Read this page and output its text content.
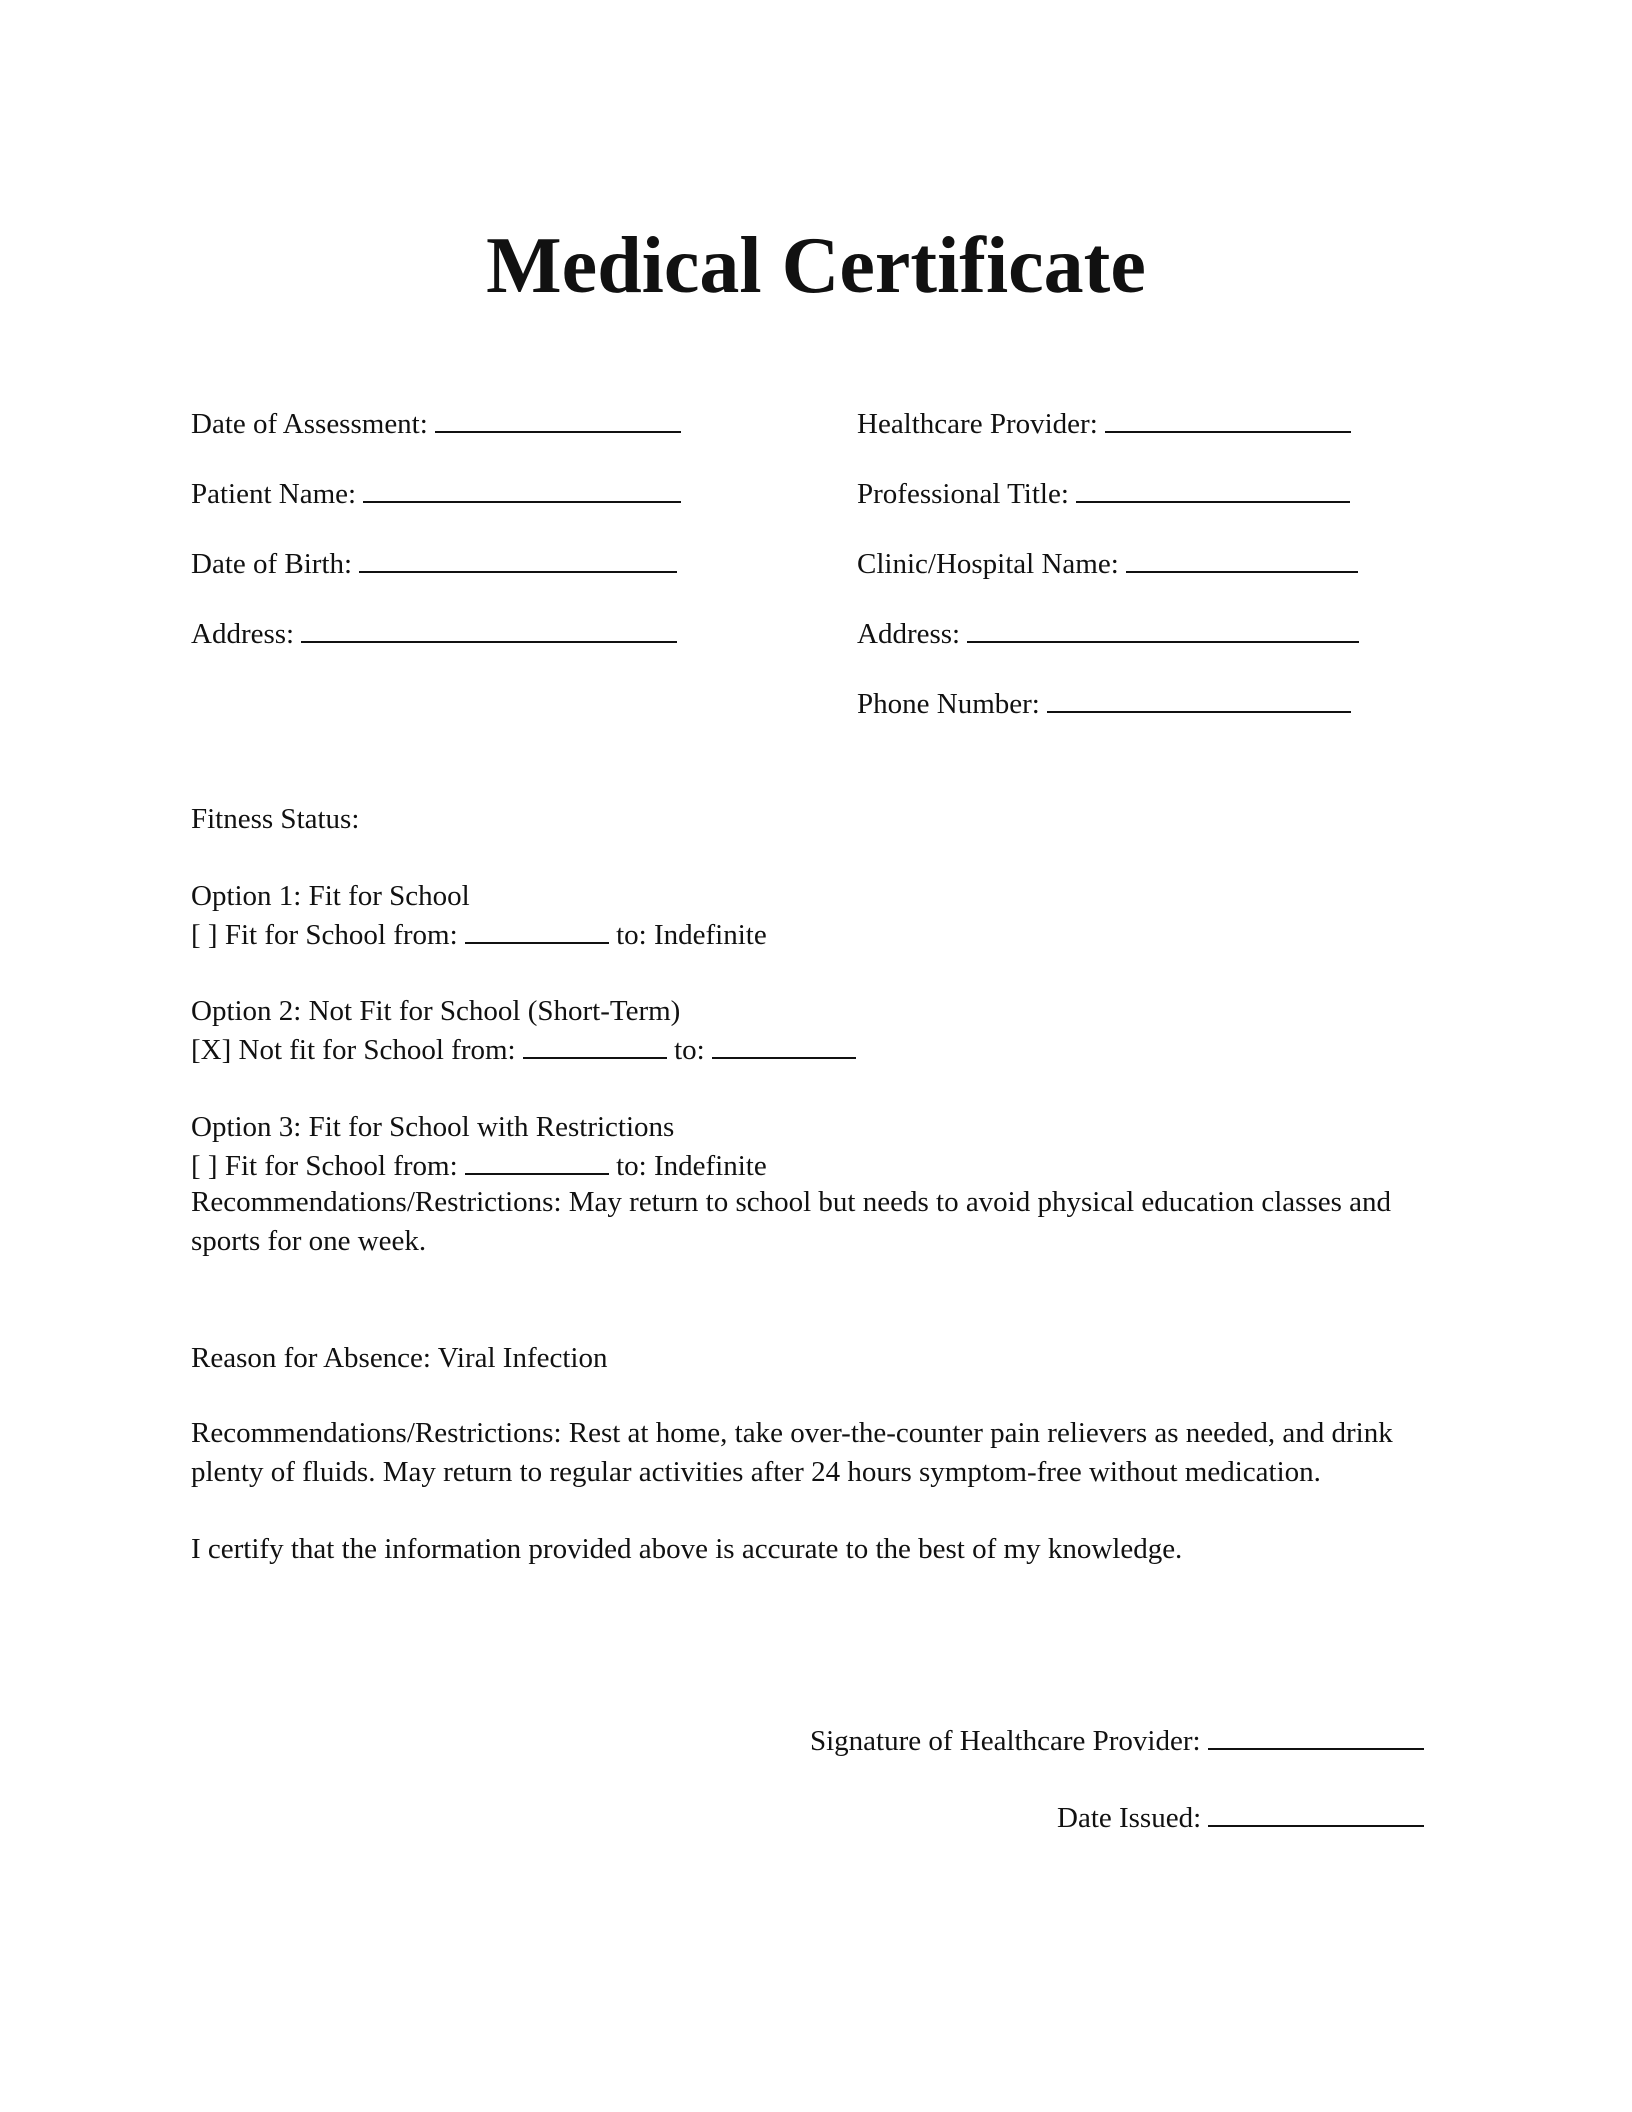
Medical Certificate
Date of Assessment:
Patient Name:
Date of Birth:
Address:
Healthcare Provider:
Professional Title:
Clinic/Hospital Name:
Address:
Phone Number:
Fitness Status:
Option 1: Fit for School
[ ] Fit for School from:	to: Indefinite
Option 2: Not Fit for School (Short-Term)
[X] Not fit for School from:	to:
Option 3: Fit for School with Restrictions
[ ] Fit for School from:	to: Indefinite

Recommendations/Restrictions: May return to school but needs to avoid physical education classes and sports for one week.

Reason for Absence: Viral Infection

Recommendations/Restrictions: Rest at home, take over-the-counter pain relievers as needed, and drink plenty of fluids. May return to regular activities after 24 hours symptom-free without medication.

I certify that the information provided above is accurate to the best of my knowledge.
Signature of Healthcare Provider:
Date Issued:
